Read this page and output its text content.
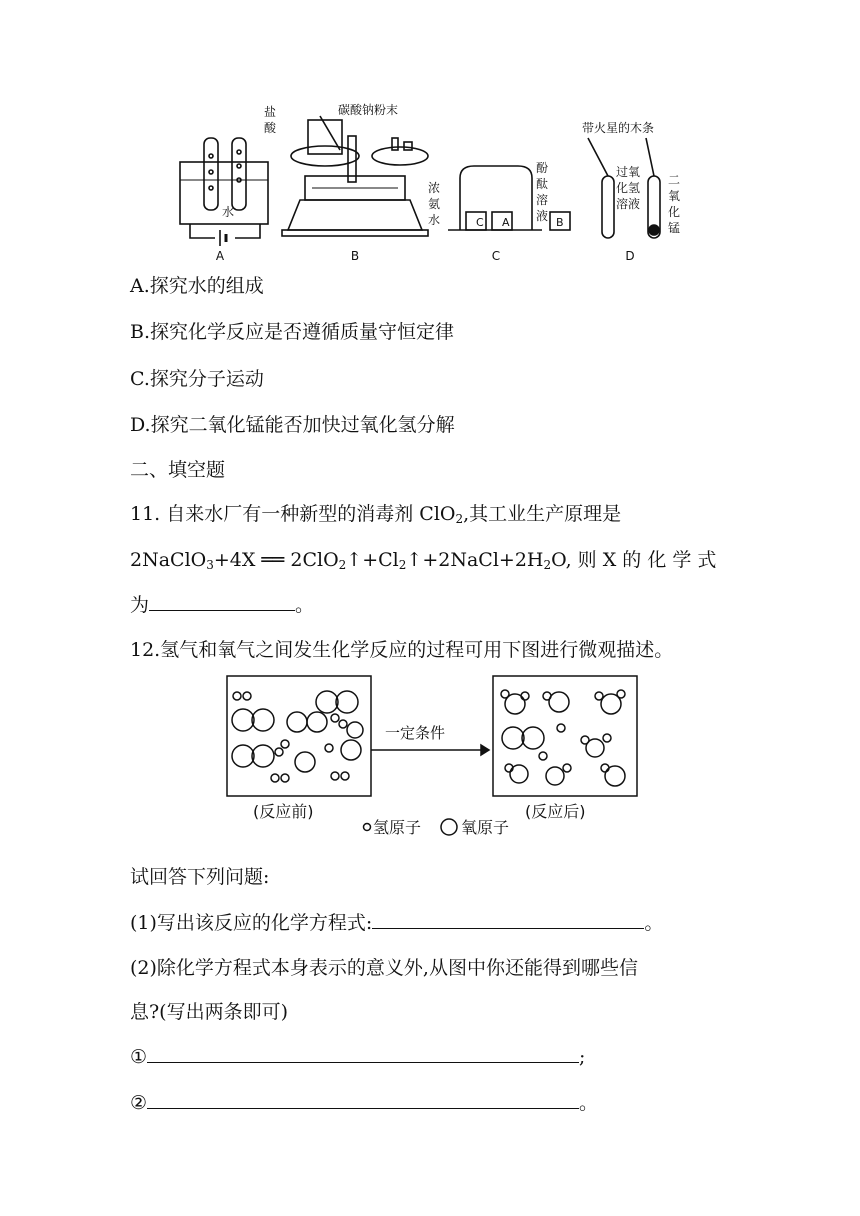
A	B	C	D
水
碳酸钠粉末
C A	B
带火星的木条
盐酸
浓氨水
酚酞溶液
过氧化氢溶液
二氧化锰
A.探究水的组成
B.探究化学反应是否遵循质量守恒定律
C.探究分子运动
D.探究二氧化锰能否加快过氧化氢分解
二、填空题
11. 自来水厂有一种新型的消毒剂 ClO$_2$,其工业生产原理是
2NaClO$_3$+4X ══ $2ClO_2↑+Cl_2↑+2NaCl+2H_2O$, 则 X 的 化 学 式
为	。
12.氢气和氧气之间发生化学反应的过程可用下图进行微观描述。
一定条件
(反应前)	(反应后)
氢原子 氧原子
试回答下列问题:
(1)写出该反应的化学方程式:	。
(2)除化学方程式本身表示的意义外,从图中你还能得到哪些信
息?(写出两条即可)
①	;
②	。
